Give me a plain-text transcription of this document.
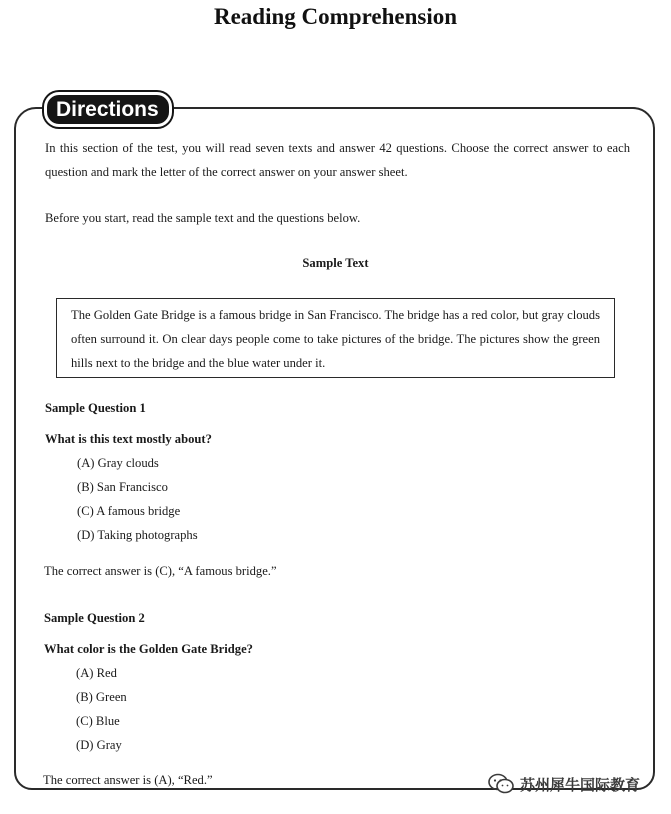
Reading Comprehension
Directions

In this section of the test, you will read seven texts and answer 42 questions. Choose the correct answer to each question and mark the letter of the correct answer on your answer sheet.

Before you start, read the sample text and the questions below.

Sample Text
The Golden Gate Bridge is a famous bridge in San Francisco. The bridge has a red color, but gray clouds often surround it. On clear days people come to take pictures of the bridge. The pictures show the green hills next to the bridge and the blue water under it.
Sample Question 1
What is this text mostly about?
(A) Gray clouds
(B) San Francisco
(C) A famous bridge
(D) Taking photographs
The correct answer is (C), “A famous bridge.”
Sample Question 2
What color is the Golden Gate Bridge?
(A) Red
(B) Green
(C) Blue
(D) Gray
The correct answer is (A), “Red.”	苏州犀牛国际教育
